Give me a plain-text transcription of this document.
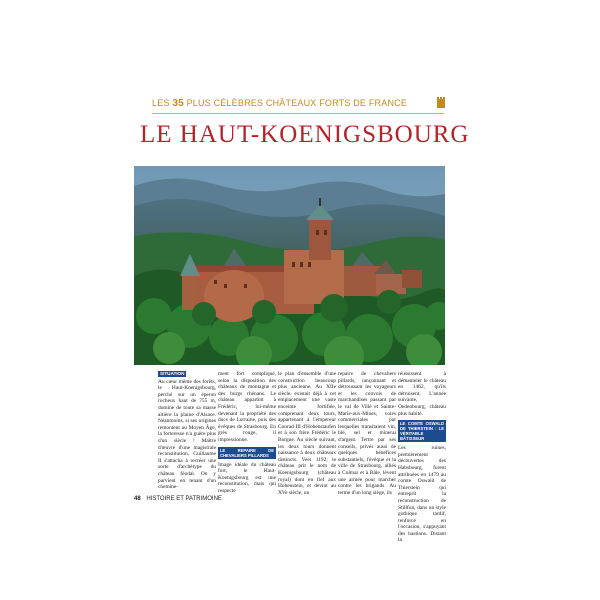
LES 35 PLUS CÉLÈBRES CHÂTEAUX FORTS DE FRANCE
LE HAUT-KOENIGSBOURG
SITUATION

Au cœur même des forêts, le Haut-Koenigsbourg, perché sur un éperon rocheux haut de 755 m, domine de toute sa masse altière la plaine d'Alsace. Néanmoins, si ses origines remontent au Moyen Âge, la forteresse n'a guère plus d'un siècle ! Maître d'œuvre d'une magistrale reconstitution, Guillaume II s'attacha à recréer une sorte d'archétype du château féodal. On y parvient en tenant d'un chemine-

ment fort compliqué, selon la disposition des châteaux de montagne et des burgs rhénans. Le château appartint à Frédéric, lui-même devenant la propriété des ducs de Lorraine, puis des évêques de Strasbourg. En grès rouge, il impressionne.

LE REPAIRE DE CHEVALIERS PILLARDS

Image idéale du château fort, le Haut-Koenigsbourg est une reconstitution, mais qui respecte

le plan d'ensemble d'une construction beaucoup plus ancienne. Au XIIe siècle, existait déjà à cet emplacement une vaste enceinte fortifiée, comprenant deux tours, appartenant à l'empereur Conrad III d'Hohenstaufen et à son frère Frédéric le Borgne. Au siècle suivant, les deux tours donnent naissance à deux châteaux distincts. Vers 1192, le château prit le nom de Koenigsbourg (château royal) dont en fief aux Hohenstein, et devint au XVe siècle, un

repaire de chevaliers pillards, rançonnant et détroussant les voyageurs et les convois de marchandises passant par le val de Villé et Sainte-Marie-aux-Mines, voies commerciales par lesquelles transitaient vin, blé, sel et minerai d'argent. Tertre par ses conseils, privés aussi de quelques bénéfices substantiels, l'évêque et la ville de Strasbourg, alliés à Colmar et à Bâle, lèvent une armée pour marcher contre les brigands. Au terme d'un long siège, ils

réussissent à démanteler le château en 1462, qu'ils détruisent. L'année suivante, Oedenbourg, château plus habité.

LE COMTE OSWALD DE THIERSTEIN : LE VÉRITABLE BÂTISSEUR

Les ruines, premièrement découvertes des Habsbourg, furent attribuées en 1479 au comte Oswald de Thierstein qui entreprit la reconstruction de Stillfon, dans un style gothique tardif, renforcé en l'occasion, s'appuyant des bastions. Distant la

48 HISTOIRE ET PATRIMOINE
